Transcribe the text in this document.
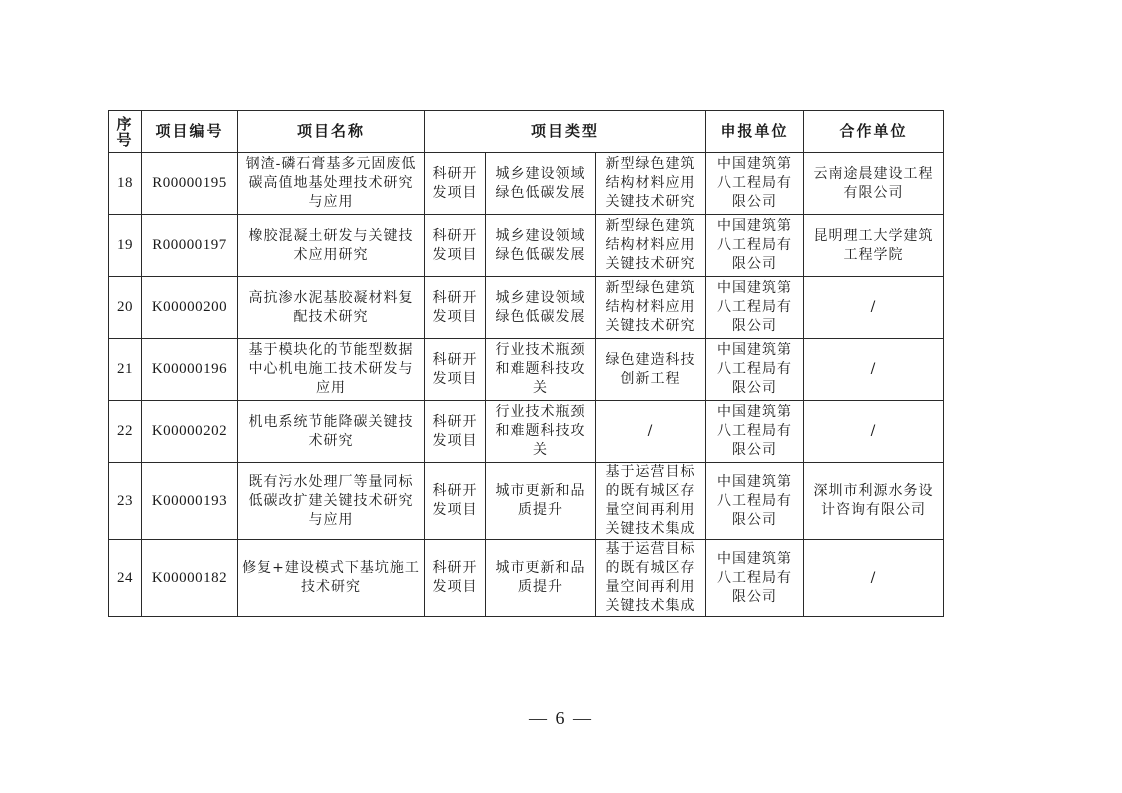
序号	项目编号	项目名称	项目类型			申报单位	合作单位
18	R00000195	钢渣-磷石膏基多元固废低碳高值地基处理技术研究与应用	科研开发项目	城乡建设领域绿色低碳发展	新型绿色建筑结构材料应用关键技术研究	中国建筑第八工程局有限公司	云南途晨建设工程有限公司
19	R00000197	橡胶混凝土研发与关键技术应用研究	科研开发项目	城乡建设领域绿色低碳发展	新型绿色建筑结构材料应用关键技术研究	中国建筑第八工程局有限公司	昆明理工大学建筑工程学院
20	K00000200	高抗渗水泥基胶凝材料复配技术研究	科研开发项目	城乡建设领域绿色低碳发展	新型绿色建筑结构材料应用关键技术研究	中国建筑第八工程局有限公司	/
21	K00000196	基于模块化的节能型数据中心机电施工技术研发与应用	科研开发项目	行业技术瓶颈和难题科技攻关	绿色建造科技创新工程	中国建筑第八工程局有限公司	/
22	K00000202	机电系统节能降碳关键技术研究	科研开发项目	行业技术瓶颈和难题科技攻关	/	中国建筑第八工程局有限公司	/
23	K00000193	既有污水处理厂等量同标低碳改扩建关键技术研究与应用	科研开发项目	城市更新和品质提升	基于运营目标的既有城区存量空间再利用关键技术集成	中国建筑第八工程局有限公司	深圳市利源水务设计咨询有限公司
24	K00000182	修复+建设模式下基坑施工技术研究	科研开发项目	城市更新和品质提升	基于运营目标的既有城区存量空间再利用关键技术集成	中国建筑第八工程局有限公司	/
— 6 —
